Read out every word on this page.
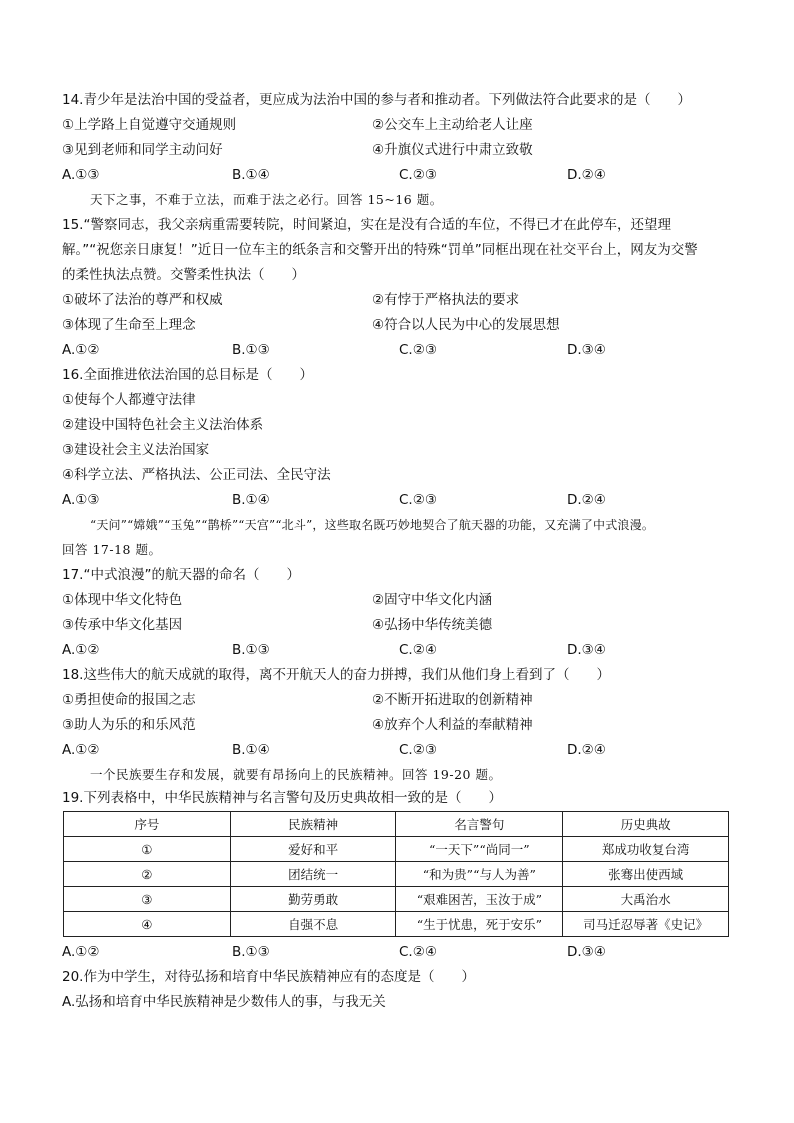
14.青少年是法治中国的受益者，更应成为法治中国的参与者和推动者。下列做法符合此要求的是（　　）
①上学路上自觉遵守交通规则	②公交车上主动给老人让座
③见到老师和同学主动问好	④升旗仪式进行中肃立致敬
A.①③	B.①④	C.②③	D.②④
天下之事，不难于立法，而难于法之必行。回答 15~16 题。
15.“警察同志，我父亲病重需要转院，时间紧迫，实在是没有合适的车位，不得已才在此停车，还望理
解。”“祝您亲日康复！”近日一位车主的纸条言和交警开出的特殊“罚单”同框出现在社交平台上，网友为交警
的柔性执法点赞。交警柔性执法（　　）
①破坏了法治的尊严和权威	②有悖于严格执法的要求
③体现了生命至上理念	④符合以人民为中心的发展思想
A.①②	B.①③	C.②③	D.③④
16.全面推进依法治国的总目标是（　　）
①使每个人都遵守法律
②建设中国特色社会主义法治体系
③建设社会主义法治国家
④科学立法、严格执法、公正司法、全民守法
A.①③	B.①④	C.②③	D.②④
“天问”“嫦娥”“玉兔”“鹊桥”“天宫”“北斗”，这些取名既巧妙地契合了航天器的功能，又充满了中式浪漫。
回答 17-18 题。
17.“中式浪漫”的航天器的命名（　　）
①体现中华文化特色	②固守中华文化内涵
③传承中华文化基因	④弘扬中华传统美德
A.①②	B.①③	C.②④	D.③④
18.这些伟大的航天成就的取得，离不开航天人的奋力拼搏，我们从他们身上看到了（　　）
①勇担使命的报国之志	②不断开拓进取的创新精神
③助人为乐的和乐风范	④放弃个人利益的奉献精神
A.①②	B.①④	C.②③	D.②④
一个民族要生存和发展，就要有昂扬向上的民族精神。回答 19-20 题。
19.下列表格中，中华民族精神与名言警句及历史典故相一致的是（　　）
序号	民族精神	名言警句	历史典故
①	爱好和平	“一天下”“尚同一”	郑成功收复台湾
②	团结统一	“和为贵”“与人为善”	张骞出使西域
③	勤劳勇敢	“艰难困苦，玉汝于成”	大禹治水
④	自强不息	“生于忧患，死于安乐”	司马迁忍辱著《史记》
A.①②	B.①③	C.②④	D.③④
20.作为中学生，对待弘扬和培育中华民族精神应有的态度是（　　）
A.弘扬和培育中华民族精神是少数伟人的事，与我无关
